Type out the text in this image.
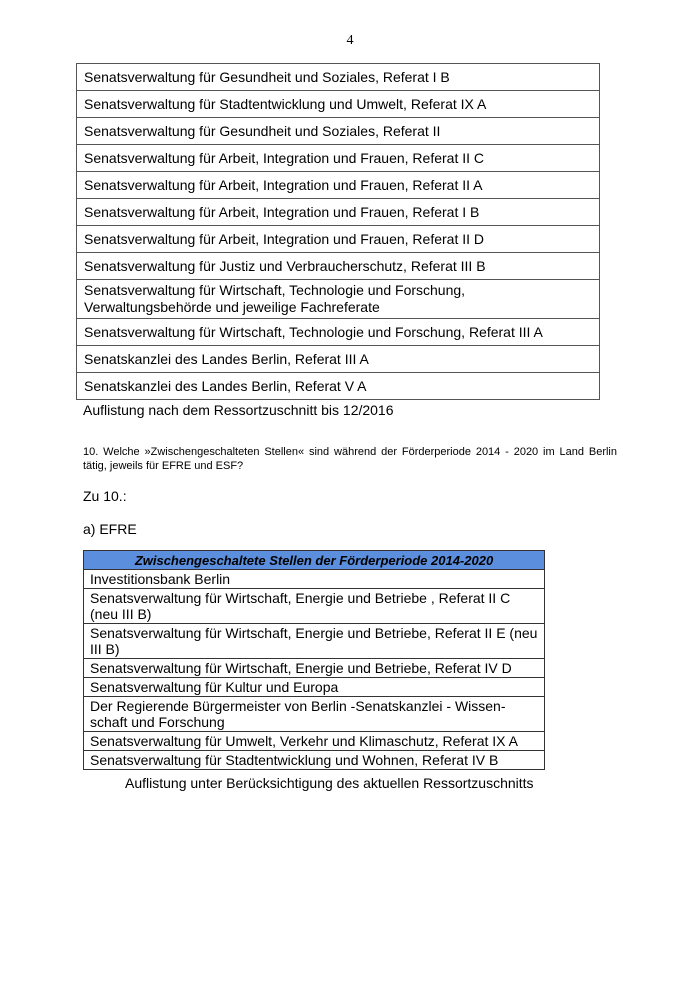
4
Senatsverwaltung für Gesundheit und Soziales, Referat I B
Senatsverwaltung für Stadtentwicklung und Umwelt, Referat IX A
Senatsverwaltung für Gesundheit und Soziales, Referat II
Senatsverwaltung für Arbeit, Integration und Frauen, Referat II C
Senatsverwaltung für Arbeit, Integration und Frauen, Referat II A
Senatsverwaltung für Arbeit, Integration und Frauen, Referat I B
Senatsverwaltung für Arbeit, Integration und Frauen, Referat II D
Senatsverwaltung für Justiz und Verbraucherschutz, Referat III B
Senatsverwaltung für Wirtschaft, Technologie und Forschung, Verwaltungsbehörde und jeweilige Fachreferate
Senatsverwaltung für Wirtschaft, Technologie und Forschung, Referat III A
Senatskanzlei des Landes Berlin, Referat III A
Senatskanzlei des Landes Berlin, Referat V A
Auflistung nach dem Ressortzuschnitt bis 12/2016
10. Welche »Zwischengeschalteten Stellen« sind während der Förderperiode 2014 - 2020 im Land Berlin tätig, jeweils für EFRE und ESF?
Zu 10.:
a) EFRE
Zwischengeschaltete Stellen der Förderperiode 2014-2020
Investitionsbank Berlin
Senatsverwaltung für Wirtschaft, Energie und Betriebe , Referat II C (neu III B)
Senatsverwaltung für Wirtschaft, Energie und Betriebe, Referat II E (neu III B)
Senatsverwaltung für Wirtschaft, Energie und Betriebe, Referat IV D
Senatsverwaltung für Kultur und Europa
Der Regierende Bürgermeister von Berlin -Senatskanzlei - Wissen-schaft und Forschung
Senatsverwaltung für Umwelt, Verkehr und Klimaschutz, Referat IX A
Senatsverwaltung für Stadtentwicklung und Wohnen, Referat IV B
Auflistung unter Berücksichtigung des aktuellen Ressortzuschnitts
